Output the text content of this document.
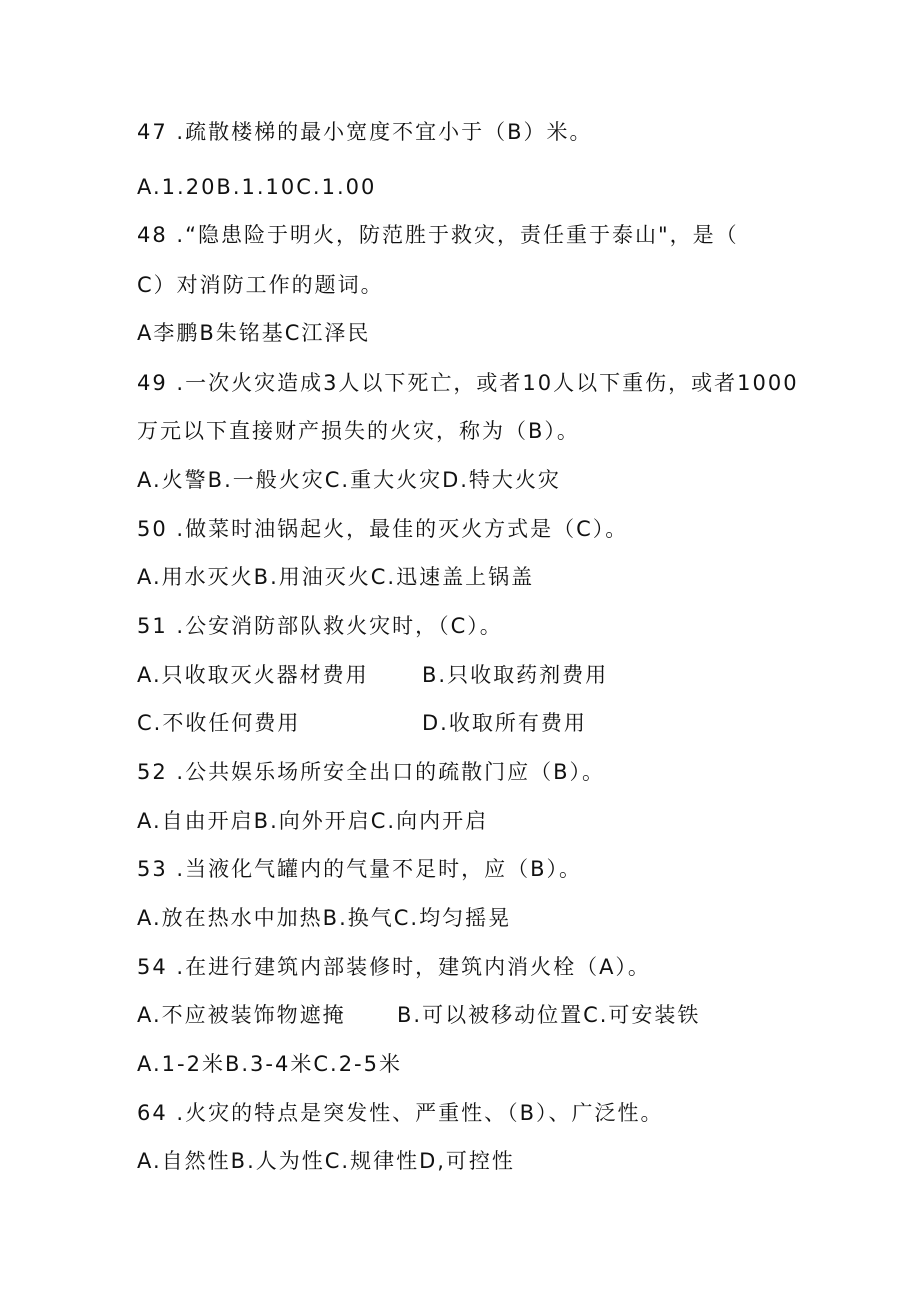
47 .疏散楼梯的最小宽度不宜小于（B）米。
A.1.20B.1.10C.1.00
48 .“隐患险于明火，防范胜于救灾，责任重于泰山"，是（
C）对消防工作的题词。
A李鹏B朱铭基C江泽民
49 .一次火灾造成3人以下死亡，或者10人以下重伤，或者1000
万元以下直接财产损失的火灾，称为（B）。
A.火警B.一般火灾C.重大火灾D.特大火灾
50 .做菜时油锅起火，最佳的灭火方式是（C）。
A.用水灭火B.用油灭火C.迅速盖上锅盖
51 .公安消防部队救火灾时，（C）。
A.只收取灭火器材费用	B.只收取药剂费用
C.不收任何费用	D.收取所有费用
52 .公共娱乐场所安全出口的疏散门应（B）。
A.自由开启B.向外开启C.向内开启
53 .当液化气罐内的气量不足时，应（B）。
A.放在热水中加热B.换气C.均匀摇晃
54 .在进行建筑内部装修时，建筑内消火栓（A）。
A.不应被装饰物遮掩 B.可以被移动位置C.可安装铁
A.1-2米B.3-4米C.2-5米
64 .火灾的特点是突发性、严重性、（B）、广泛性。
A.自然性B.人为性C.规律性D,可控性
